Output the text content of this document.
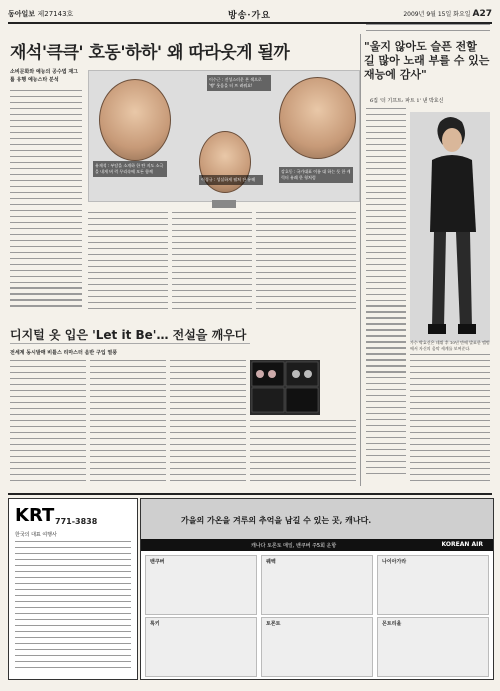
동아일보 제27143호	방송·가요	2009년 9월 15일 화요일 A27
재석'큭큭' 호동'하하' 왜 따라웃게 될까
소비문화와 예능의 공수법 재그룹 유행 예능스타 분석
유재석 : 부담을 소개하 한 탄 지도 소극을 내게 버 럭 무리속에 모든 함께
이경규 : 성실하게 펼쳐 잔 유해
이수근 : 진성스러운 본 색으로 '빵' 웃음을 터 뜨 려줘요!
강호동 : 국가대표 이름 대 하는 듯 한 캐릭터 유쾌 한 형처럼
"울지 않아도 슬픈 전할 길 많아 노래 부를 수 있는 재능에 감사"
6집 '더 기프트: 파트 1' 낸 박효신
가수 박효신은 데뷔 후 10년 만에 발표한 앨범에서 자신의 음악 세계를 보여준다.
디지털 옷 입은 'Let it Be'… 전설을 깨우다
전세계 동시발매 비틀스 리마스터 음반 구입 열풍
KRT 771-3838
한국의 대표 여행사
가을의 가온을 겨루의 추억을 남길 수 있는 곳, 캐나다.
캐나다 토론토 매일, 밴쿠버 주5회 운항	KOREAN AIR
밴쿠버	퀘벡	나이아가라
록키	토론토	몬트리올
